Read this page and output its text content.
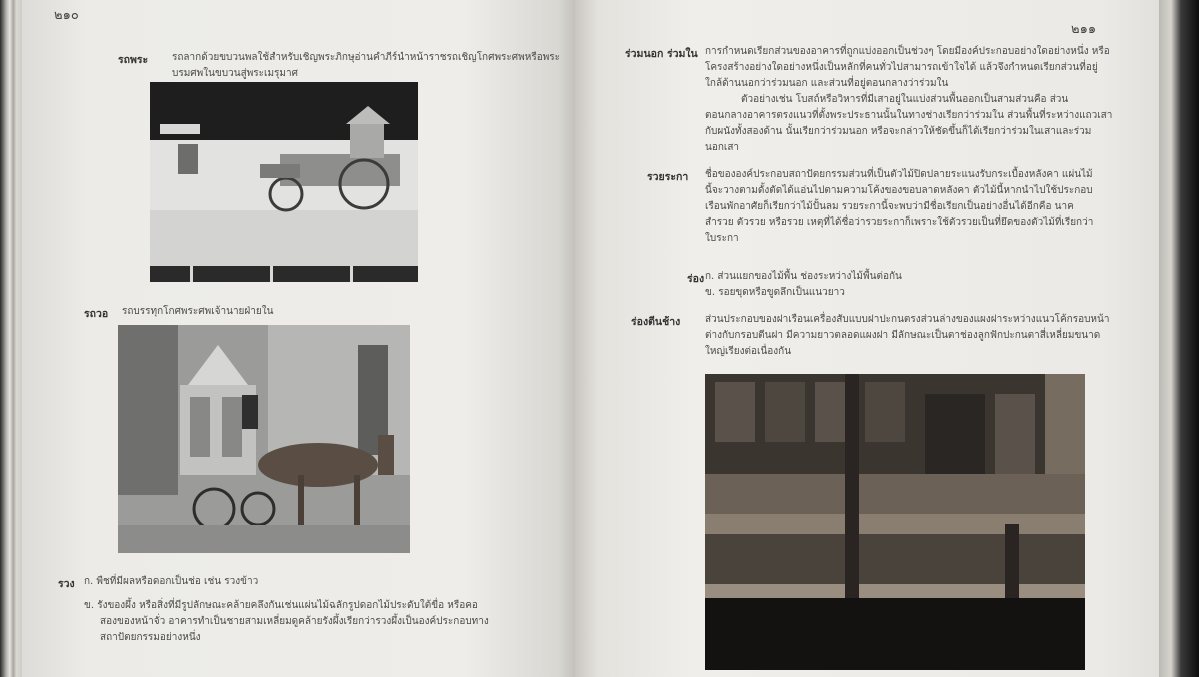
๒๑๐
รถพระ รถลากด้วยขบวนพลใช้สำหรับเชิญพระภิกษุอ่านคำภีร์นำหน้าราชรถเชิญโกศพระศพหรือพระ
บรมศพในขบวนสู่พระเมรุมาศ
รถวอ รถบรรทุกโกศพระศพเจ้านายฝ่ายใน
รวง ก. พืชที่มีผลหรือดอกเป็นช่อ เช่น รวงข้าว
ข. รังของผึ้ง หรือสิ่งที่มีรูปลักษณะคล้ายคลึงกันเช่นแผ่นไม้ฉลักรูปดอกไม้ประดับใต้ขื่อ หรือคอ
สองของหน้าจั่ว อาคารทำเป็นชายสามเหลี่ยมดูคล้ายรังผึ้งเรียกว่ารวงผึ้งเป็นองค์ประกอบทาง
สถาปัตยกรรมอย่างหนึ่ง
๒๑๑
ร่วมนอก ร่วมใน การกำหนดเรียกส่วนของอาคารที่ถูกแบ่งออกเป็นช่วงๆ โดยมีองค์ประกอบอย่างใดอย่างหนึ่ง หรือ
โครงสร้างอย่างใดอย่างหนึ่งเป็นหลักที่คนทั่วไปสามารถเข้าใจได้ แล้วจึงกำหนดเรียกส่วนที่อยู่
ใกล้ด้านนอกว่าร่วมนอก และส่วนที่อยู่ตอนกลางว่าร่วมใน
ตัวอย่างเช่น โบสถ์หรือวิหารที่มีเสาอยู่ในแบ่งส่วนพื้นออกเป็นสามส่วนคือ ส่วน
ตอนกลางอาคารตรงแนวที่ตั้งพระประธานนั้นในทางช่างเรียกว่าร่วมใน ส่วนพื้นที่ระหว่างแถวเสา
กับผนังทั้งสองด้าน นั้นเรียกว่าร่วมนอก หรือจะกล่าวให้ชัดขึ้นก็ได้เรียกว่าร่วมในเสาและร่วม
นอกเสา
รวยระกา ชื่อขององค์ประกอบสถาปัตยกรรมส่วนที่เป็นตัวไม้ปิดปลายระแนงรับกระเบื้องหลังคา แผ่นไม้
นี้จะวางตามดั้งตัดได้แอ่นไปตามความโค้งของขอบลาดหลังคา ตัวไม้นี้หากนำไปใช้ประกอบ
เรือนพักอาศัยก็เรียกว่าไม้ปั้นลม รวยระกานี้จะพบว่ามีชื่อเรียกเป็นอย่างอื่นได้อีกคือ นาค
สำรวย ตัวรวย หรือรวย เหตุที่ได้ชื่อว่ารวยระกาก็เพราะใช้ตัวรวยเป็นที่ยึดของตัวไม้ที่เรียกว่า
ใบระกา
ร่อง ก. ส่วนแยกของไม้พื้น ช่องระหว่างไม้พื้นต่อกัน
ข. รอยขุดหรือขูดลึกเป็นแนวยาว
ร่องตีนช้าง ส่วนประกอบของฝาเรือนเครื่องสับแบบฝาปะกนตรงส่วนล่างของแผงฝาระหว่างแนวโค้กรอบหน้า
ต่างกับกรอบตีนฝา มีความยาวตลอดแผงฝา มีลักษณะเป็นตาช่องลูกฟักปะกนตาสี่เหลี่ยมขนาด
ใหญ่เรียงต่อเนื่องกัน
